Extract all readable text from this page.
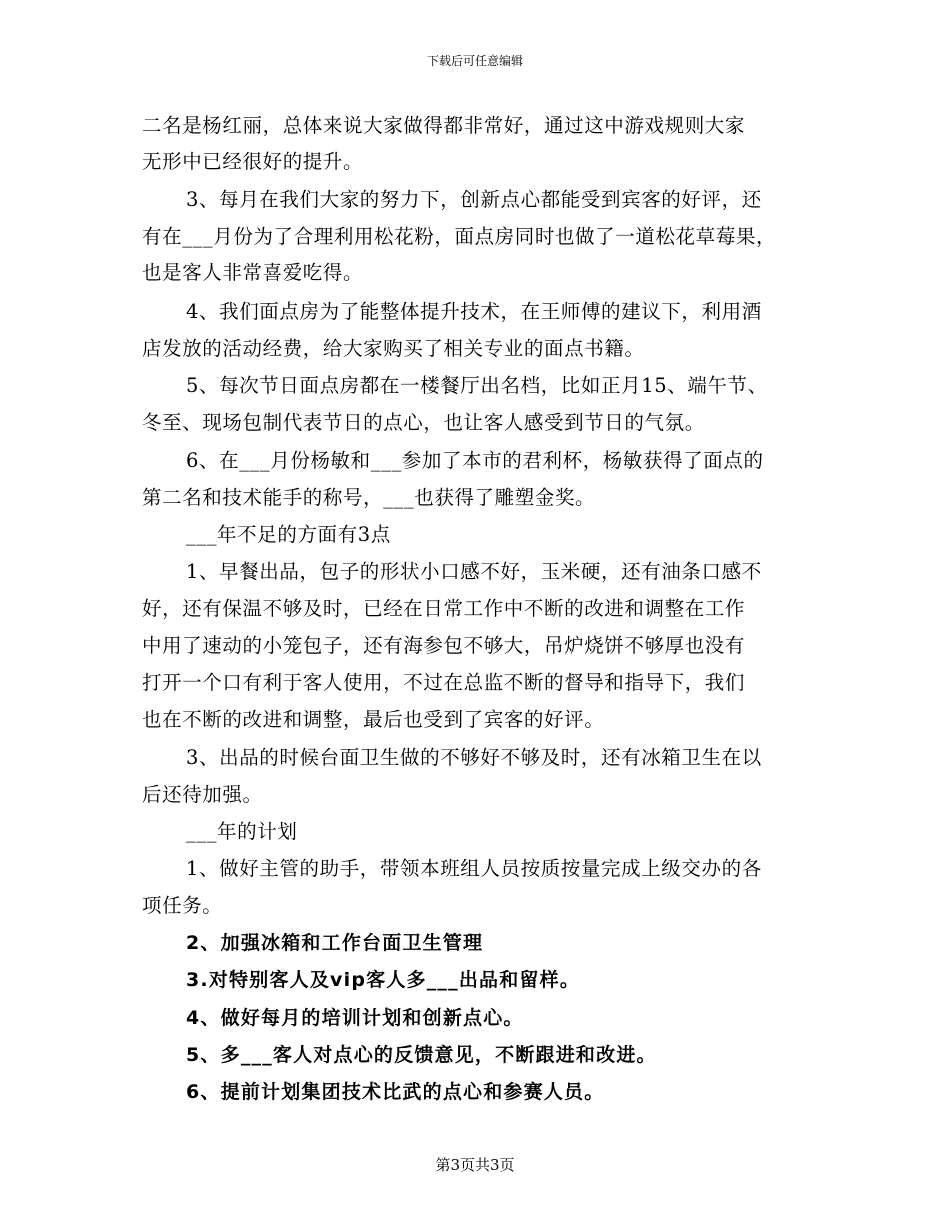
下载后可任意编辑
二名是杨红丽，总体来说大家做得都非常好，通过这中游戏规则大家
无形中已经很好的提升。
3、每月在我们大家的努力下，创新点心都能受到宾客的好评，还
有在___月份为了合理利用松花粉，面点房同时也做了一道松花草莓果，
也是客人非常喜爱吃得。
4、我们面点房为了能整体提升技术，在王师傅的建议下，利用酒
店发放的活动经费，给大家购买了相关专业的面点书籍。
5、每次节日面点房都在一楼餐厅出名档，比如正月15、端午节、
冬至、现场包制代表节日的点心，也让客人感受到节日的气氛。
6、在___月份杨敏和___参加了本市的君利杯，杨敏获得了面点的
第二名和技术能手的称号，___也获得了雕塑金奖。
___年不足的方面有3点
1、早餐出品，包子的形状小口感不好，玉米硬，还有油条口感不
好，还有保温不够及时，已经在日常工作中不断的改进和调整在工作
中用了速动的小笼包子，还有海参包不够大，吊炉烧饼不够厚也没有
打开一个口有利于客人使用，不过在总监不断的督导和指导下，我们
也在不断的改进和调整，最后也受到了宾客的好评。
3、出品的时候台面卫生做的不够好不够及时，还有冰箱卫生在以
后还待加强。
___年的计划
1、做好主管的助手，带领本班组人员按质按量完成上级交办的各
项任务。
2、加强冰箱和工作台面卫生管理
3.对特别客人及vip客人多___出品和留样。
4、做好每月的培训计划和创新点心。
5、多___客人对点心的反馈意见，不断跟进和改进。
6、提前计划集团技术比武的点心和参赛人员。
第3页共3页
